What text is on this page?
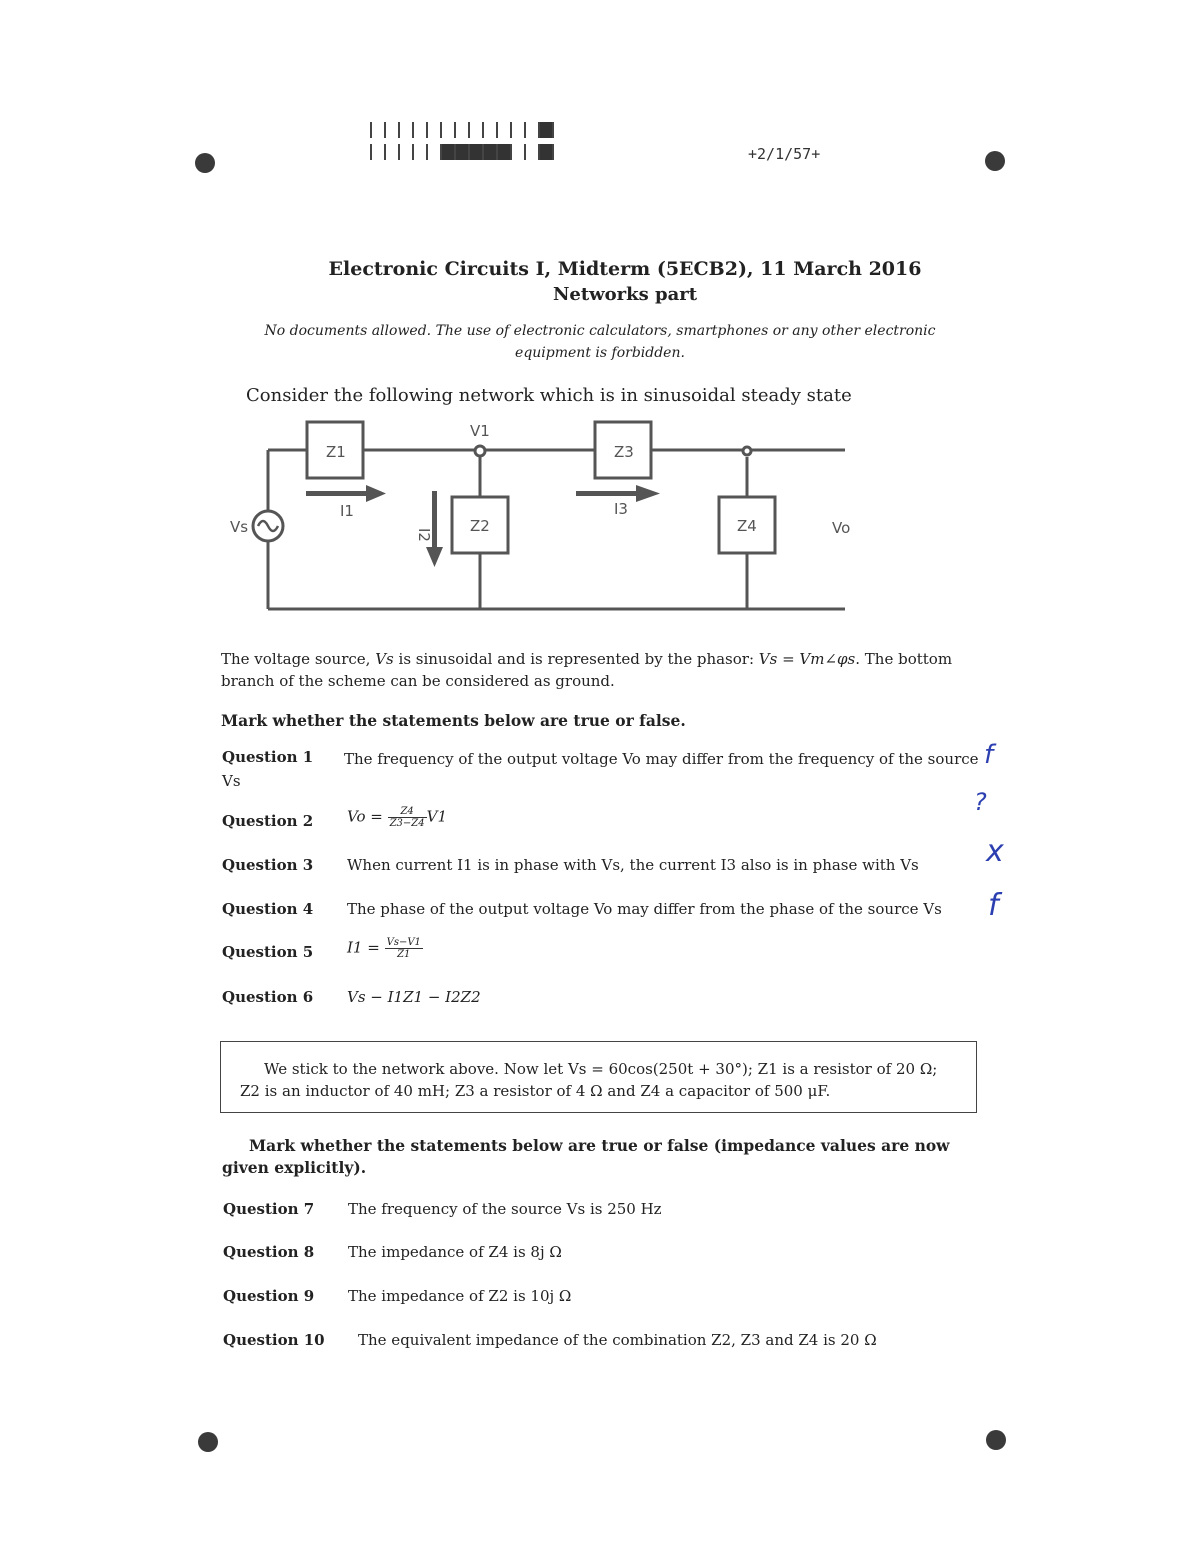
+2/1/57+
Electronic Circuits I, Midterm (5ECB2), 11 March 2016
Networks part
No documents allowed. The use of electronic calculators, smartphones or any other electronic equipment is forbidden.
Consider the following network which is in sinusoidal steady state
V1
Z1	Z3
Z2	Z4
I1	I3
I2
Vs	Vo
The voltage source, Vs is sinusoidal and is represented by the phasor: Vs = Vm∠φs. The bottom branch of the scheme can be considered as ground.
Mark whether the statements below are true or false.
Question 1	The frequency of the output voltage Vo may differ from the frequency of the source Vs
Question 2 $Vo = \frac{Z4}{Z3-Z4} V1$
Question 3 When current I1 is in phase with Vs, the current I3 also is in phase with Vs
Question 4 The phase of the output voltage Vo may differ from the phase of the source Vs
Question 5 $I1 = \frac{Vs-V1}{Z1}$
Question 6 Vs − I1Z1 − I2Z2
f
?
x
f
We stick to the network above. Now let Vs = 60cos(250t + 30°); Z1 is a resistor of 20 Ω;
Z2 is an inductor of 40 mH; Z3 a resistor of 4 Ω and Z4 a capacitor of 500 μF.
Mark whether the statements below are true or false (impedance values are now given explicitly).
Question 7 The frequency of the source Vs is 250 Hz
Question 8 The impedance of Z4 is 8j Ω
Question 9 The impedance of Z2 is 10j Ω
Question 10 The equivalent impedance of the combination Z2, Z3 and Z4 is 20 Ω
